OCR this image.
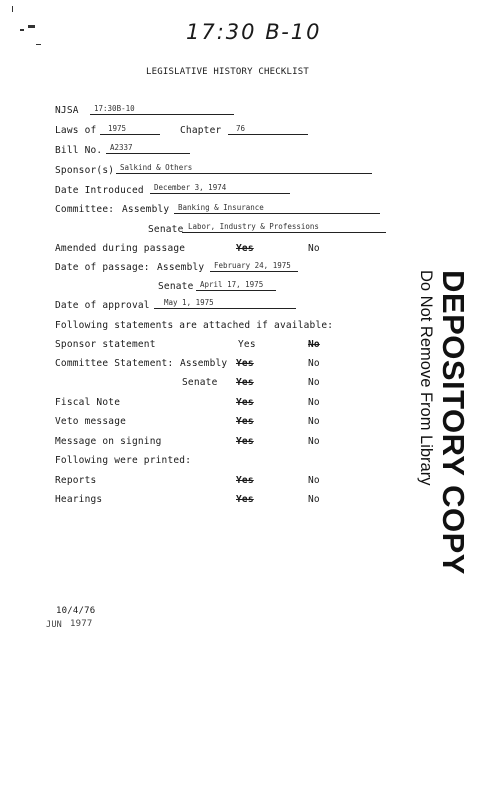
17:30 B-10
LEGISLATIVE HISTORY CHECKLIST
NJSA	17:30B-10
Laws of	1975	Chapter	76
Bill No.	A2337
Sponsor(s) Salkind & Others
Date Introduced	December 3, 1974
Committee: Assembly	Banking & Insurance
Senate Labor, Industry & Professions
Amended during passage	Yes	No
Date of passage: Assembly	February 24, 1975
Senate April 17, 1975
Date of approval	May 1, 1975
Following statements are attached if available:
Sponsor statement	Yes	No
Committee Statement: Assembly Yes	No
Senate Yes	No
Fiscal Note	Yes	No
Veto message	Yes	No
Message on signing	Yes	No
Following were printed:
Reports	Yes	No
Hearings	Yes	No
10/4/76
JUN 1977
DEPOSITORY COPY
Do Not Remove From Library
